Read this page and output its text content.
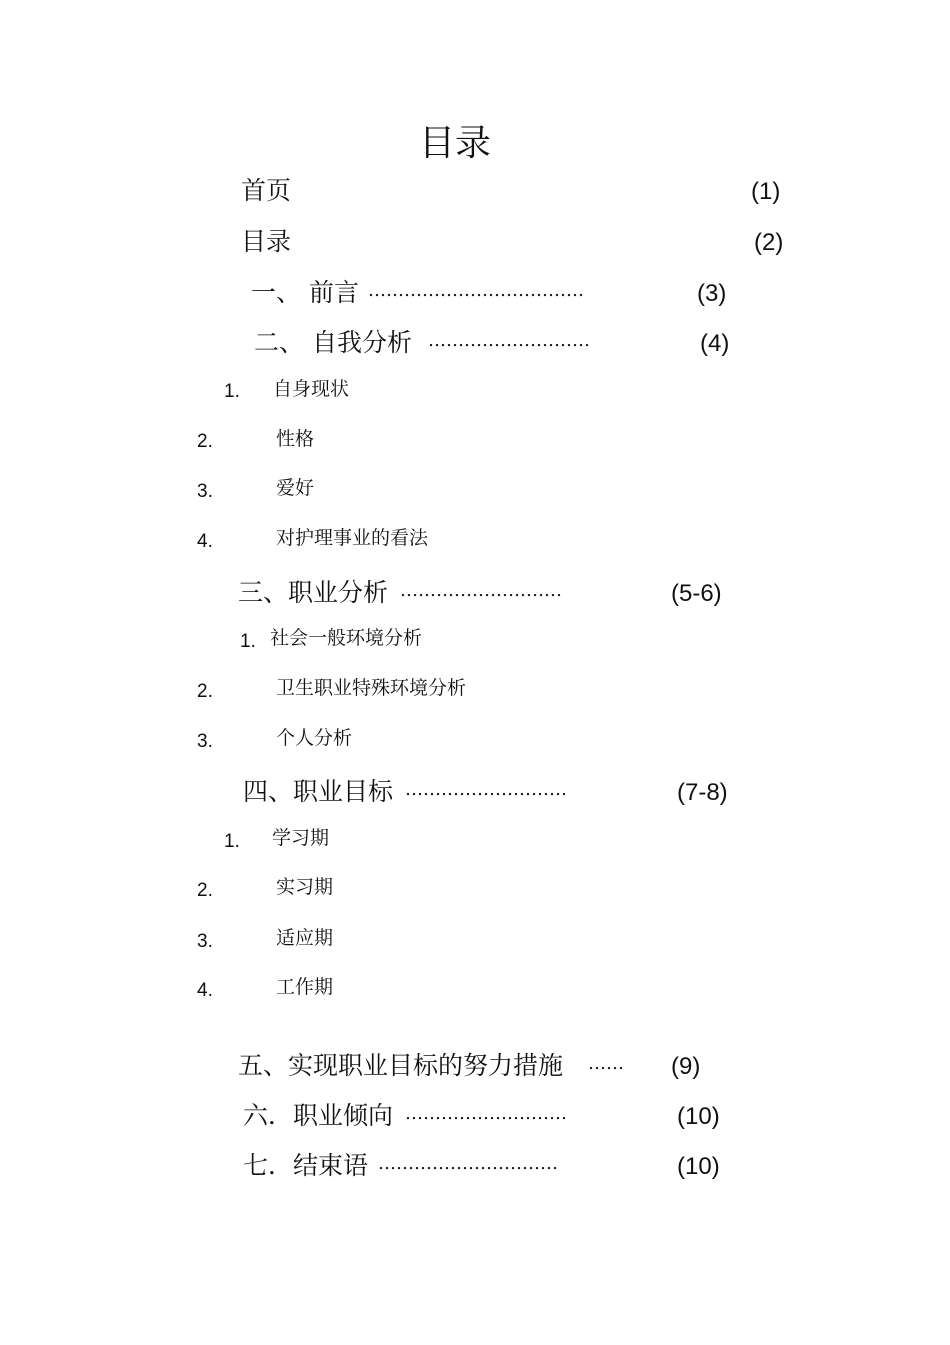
目录
首页	(1)
目录	(2)
一、 前言 ………………………………	(3)
二、 自我分析 ………………………	(4)
1. 自身现状
2.	性格
3.	爱好
4.	对护理事业的看法
三、职业分析 ………………………	(5-6)
1. 社会一般环境分析
2.	卫生职业特殊环境分析
3.	个人分析
四、职业目标 ………………………	(7-8)
1. 学习期
2.	实习期
3.	适应期
4.	工作期
五、实现职业目标的努力措施 …… (9)
六．职业倾向 ………………………	(10)
七．结束语 …………………………	(10)
